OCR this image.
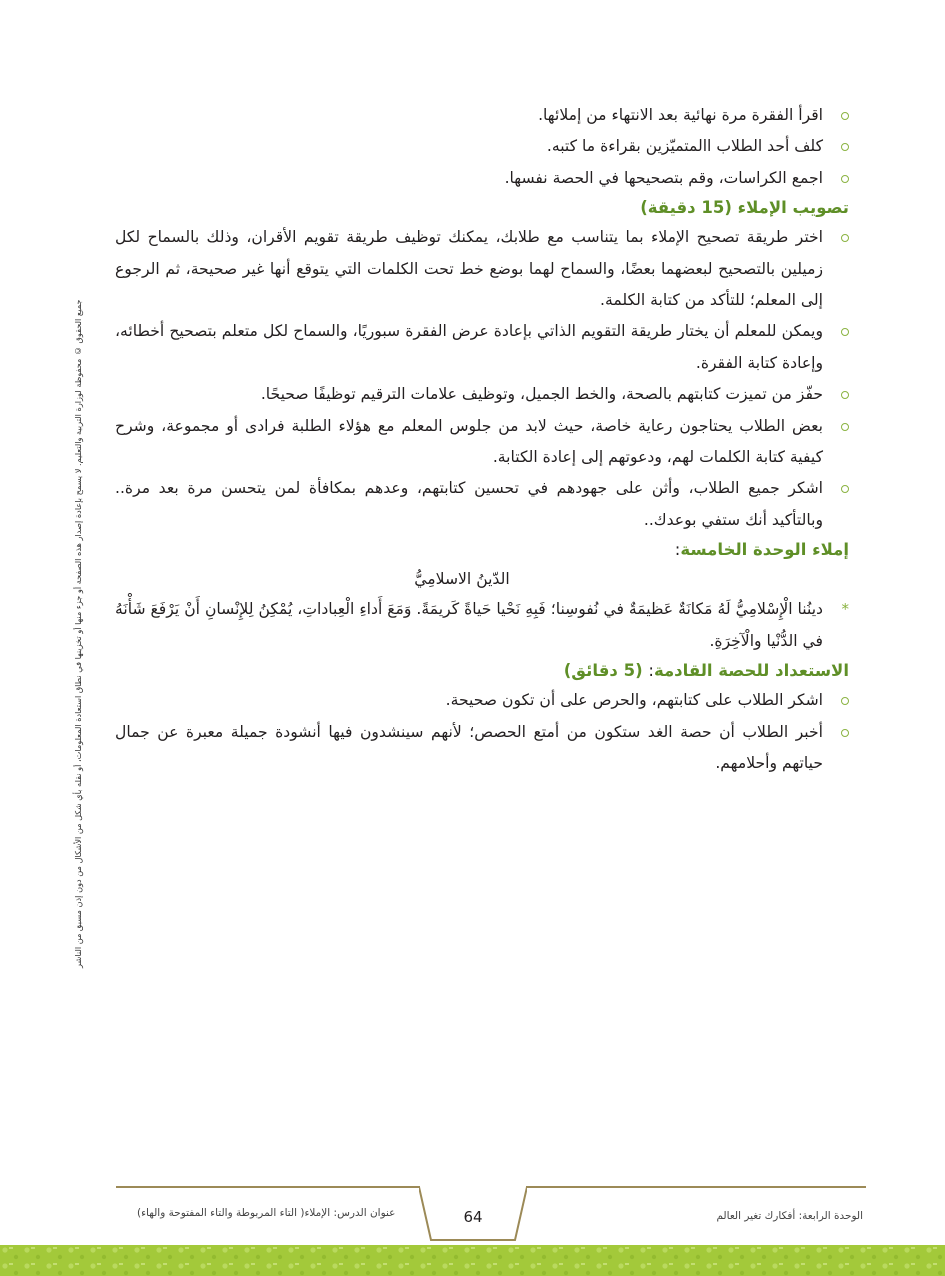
جميع الحقوق © محفوظة لوزارة التربية والتعليم. لا يسمح بإعادة إصدار هذه الصفحة أو جزء منها أو تخزينها في نطاق استعادة المعلومات، أو نقله بأي شكل من الأشكال من دون إذن مسبق من الناشر
اقرأ الفقرة مرة نهائية بعد الانتهاء من إملائها.
كلف أحد الطلاب االمتميّزين بقراءة ما كتبه.
اجمع الكراسات، وقم بتصحيحها في الحصة نفسها.
تصويب الإملاء (15 دقيقة)
اختر طريقة تصحيح الإملاء بما يتناسب مع طلابك، يمكنك توظيف طريقة تقويم الأقران، وذلك بالسماح لكل زميلين بالتصحيح لبعضهما بعضًا، والسماح لهما بوضع خط تحت الكلمات التي يتوقع أنها غير صحيحة، ثم الرجوع إلى المعلم؛ للتأكد من كتابة الكلمة.
ويمكن للمعلم أن يختار طريقة التقويم الذاتي بإعادة عرض الفقرة سبوريًا، والسماح لكل متعلم بتصحيح أخطائه، وإعادة كتابة الفقرة.
حفّز من تميزت كتابتهم بالصحة، والخط الجميل، وتوظيف علامات الترقيم توظيفًا صحيحًا.
بعض الطلاب يحتاجون رعاية خاصة، حيث لابد من جلوس المعلم مع هؤلاء الطلبة فرادى أو مجموعة، وشرح كيفية كتابة الكلمات لهم، ودعوتهم إلى إعادة الكتابة.
اشكر جميع الطلاب، وأثن على جهودهم في تحسين كتابتهم، وعدهم بمكافأة لمن يتحسن مرة بعد مرة.. وبالتأكيد أنك ستفي بوعدك..
إملاء الوحدة الخامسة:
الدّينُ الاسلامِيُّ
*
دينُنا الْإِسْلامِيُّ لَهُ مَكانَةٌ عَظيمَةٌ في نُفوسِنا؛ فَبِهِ نَحْيا حَياةً كَريمَةً. وَمَعَ أَداءِ الْعِباداتِ، يُمْكِنُ لِلإِنْسانِ أَنْ يَرْفَعَ شَأْنَهُ في الدُّنْيا والْآخِرَةِ.
الاستعداد للحصة القادمة: (5 دقائق)
اشكر الطلاب على كتابتهم، والحرص على أن تكون صحيحة.
أخبر الطلاب أن حصة الغد ستكون من أمتع الحصص؛ لأنهم سينشدون فيها أنشودة جميلة معبرة عن جمال حياتهم وأحلامهم.
64	الوحدة الرابعة: أفكارك تغير العالم
عنوان الدرس: الإملاء( التاء المربوطة والتاء المفتوحة والهاء)
